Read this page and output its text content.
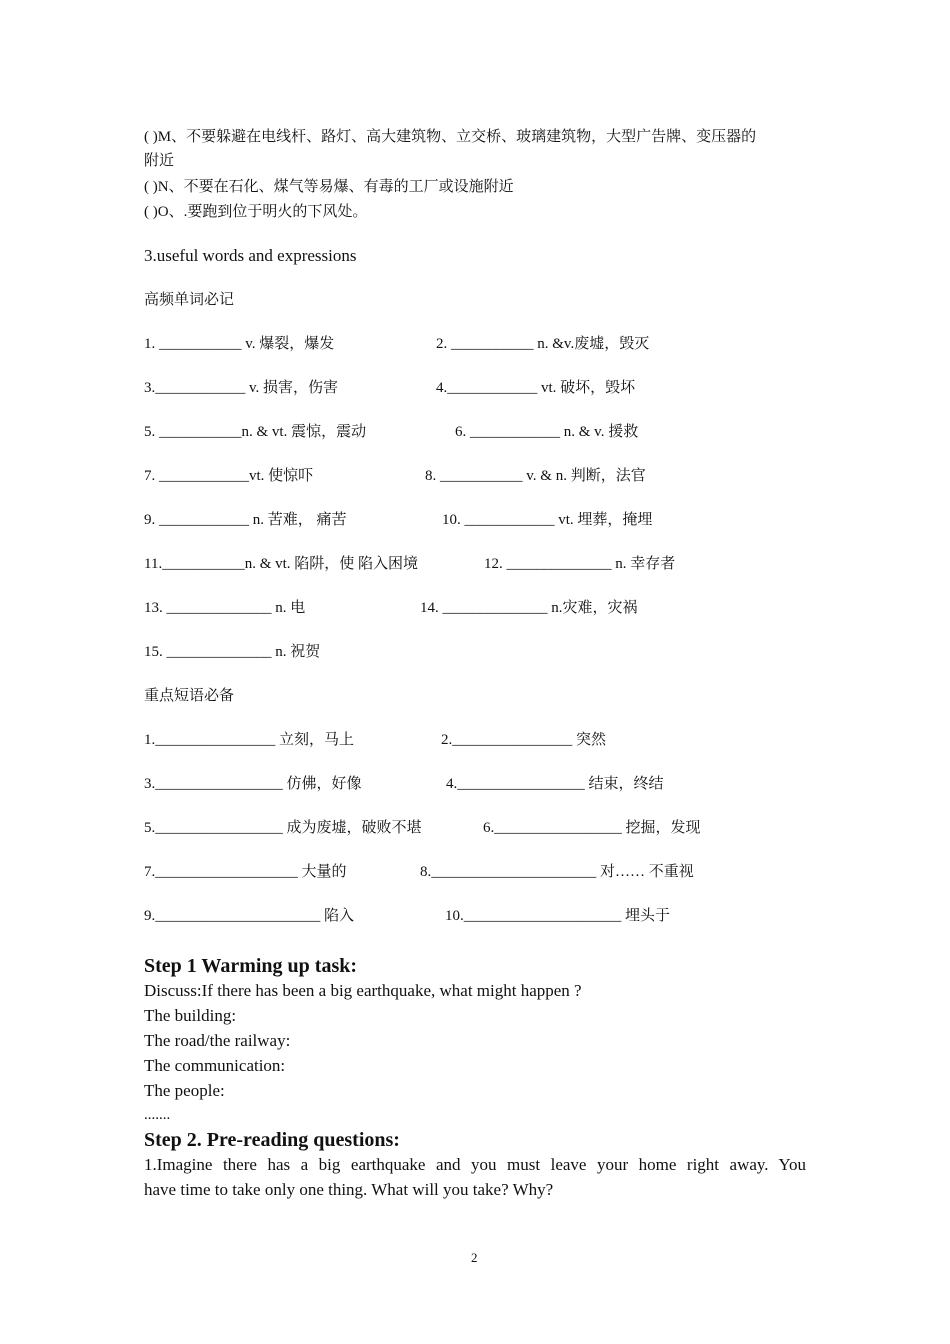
( )M、不要躲避在电线杆、路灯、高大建筑物、立交桥、玻璃建筑物，大型广告牌、变压器的
附近
( )N、不要在石化、煤气等易爆、有毒的工厂或设施附近
( )O、.要跑到位于明火的下风处。
3.useful words and expressions
高频单词必记
1. ___________ v. 爆裂，爆发	2. ___________ n. &v.废墟，毁灭
3.____________ v. 损害，伤害	4.____________ vt. 破坏，毁坏
5. ___________n. & vt. 震惊，震动	6. ____________ n. & v. 援救
7. ____________vt. 使惊吓	8. ___________ v. & n. 判断，法官
9. ____________ n. 苦难， 痛苦	10. ____________ vt. 埋葬，掩埋
11.___________n. & vt. 陷阱，使 陷入困境	12. ______________ n. 幸存者
13. ______________ n. 电	14. ______________ n.灾难，灾祸
15. ______________ n. 祝贺
重点短语必备
1.________________ 立刻，马上	2.________________ 突然
3._________________ 仿佛，好像	4._________________ 结束，终结
5._________________ 成为废墟，破败不堪	6._________________ 挖掘，发现
7.___________________ 大量的	8.______________________ 对…… 不重视
9.______________________ 陷入	10._____________________ 埋头于
Step 1 Warming up task:
Discuss:If there has been a big earthquake, what might happen ?
The building:
The road/the railway:
The communication:
The people:
.......
Step 2. Pre-reading questions:
1.Imagine there has a big earthquake and you must leave your home right away. You
have time to take only one thing. What will you take? Why?
2
